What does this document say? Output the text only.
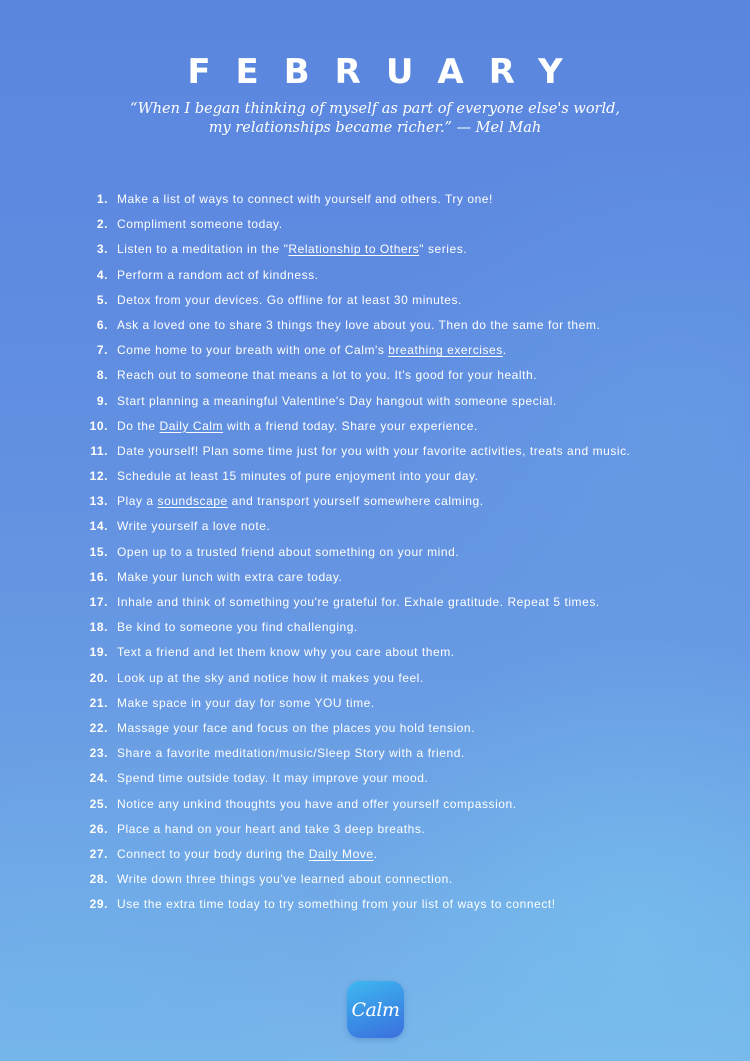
FEBRUARY
“When I began thinking of myself as part of everyone else's world,
my relationships became richer.” — Mel Mah
1. Make a list of ways to connect with yourself and others. Try one!
2. Compliment someone today.
3. Listen to a meditation in the "Relationship to Others" series.
4. Perform a random act of kindness.
5. Detox from your devices. Go offline for at least 30 minutes.
6. Ask a loved one to share 3 things they love about you. Then do the same for them.
7. Come home to your breath with one of Calm's breathing exercises.
8. Reach out to someone that means a lot to you. It's good for your health.
9. Start planning a meaningful Valentine's Day hangout with someone special.
10. Do the Daily Calm with a friend today. Share your experience.
11. Date yourself! Plan some time just for you with your favorite activities, treats and music.
12. Schedule at least 15 minutes of pure enjoyment into your day.
13. Play a soundscape and transport yourself somewhere calming.
14. Write yourself a love note.
15. Open up to a trusted friend about something on your mind.
16. Make your lunch with extra care today.
17. Inhale and think of something you're grateful for. Exhale gratitude. Repeat 5 times.
18. Be kind to someone you find challenging.
19. Text a friend and let them know why you care about them.
20. Look up at the sky and notice how it makes you feel.
21. Make space in your day for some YOU time.
22. Massage your face and focus on the places you hold tension.
23. Share a favorite meditation/music/Sleep Story with a friend.
24. Spend time outside today. It may improve your mood.
25. Notice any unkind thoughts you have and offer yourself compassion.
26. Place a hand on your heart and take 3 deep breaths.
27. Connect to your body during the Daily Move.
28. Write down three things you've learned about connection.
29. Use the extra time today to try something from your list of ways to connect!
Calm
